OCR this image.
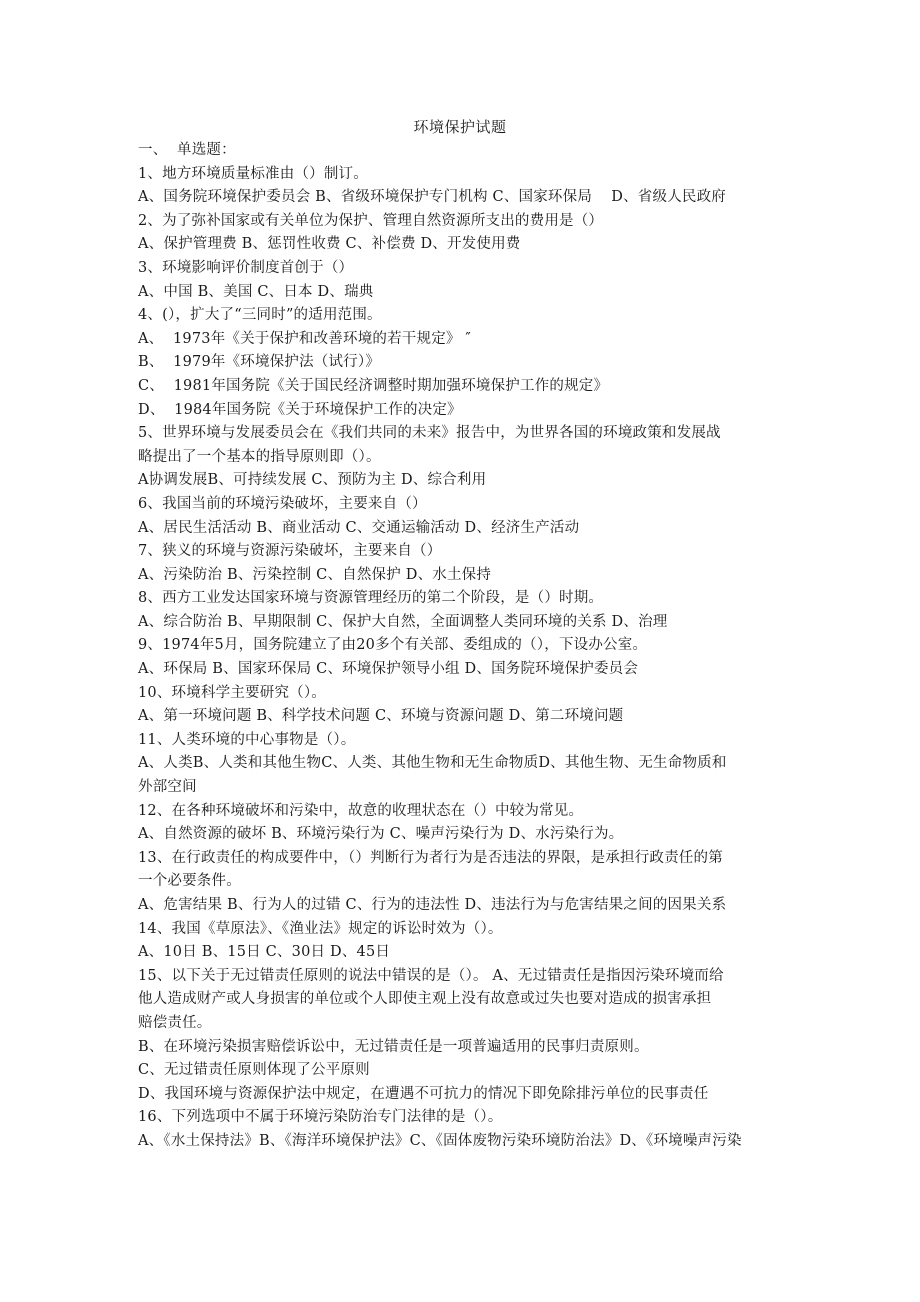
环境保护试题
一、  单选题：
1、地方环境质量标准由（）制订。
A、国务院环境保护委员会 B、省级环境保护专门机构 C、国家环保局    D、省级人民政府
2、为了弥补国家或有关单位为保护、管理自然资源所支出的费用是（）
A、保护管理费 B、惩罚性收费 C、补偿费 D、开发使用费
3、环境影响评价制度首创于（）
A、中国 B、美国 C、日本 D、瑞典
4、(），扩大了“三同时”的适用范围。
A、  1973年《关于保护和改善环境的若干规定》 ″
B、  1979年《环境保护法（试行）》
C、  1981年国务院《关于国民经济调整时期加强环境保护工作的规定》
D、  1984年国务院《关于环境保护工作的决定》
5、世界环境与发展委员会在《我们共同的未来》报告中，为世界各国的环境政策和发展战
略提出了一个基本的指导原则即（）。
A协调发展B、可持续发展 C、预防为主 D、综合利用
6、我国当前的环境污染破坏，主要来自（）
A、居民生活活动 B、商业活动 C、交通运输活动 D、经济生产活动
7、狭义的环境与资源污染破坏，主要来自（）
A、污染防治 B、污染控制 C、自然保护 D、水土保持
8、西方工业发达国家环境与资源管理经历的第二个阶段，是（）时期。
A、综合防治 B、早期限制 C、保护大自然，全面调整人类同环境的关系 D、治理
9、1974年5月，国务院建立了由20多个有关部、委组成的（），下设办公室。
A、环保局 B、国家环保局 C、环境保护领导小组 D、国务院环境保护委员会
10、环境科学主要研究（）。
A、第一环境问题 B、科学技术问题 C、环境与资源问题 D、第二环境问题
11、人类环境的中心事物是（）。
A、人类B、人类和其他生物C、人类、其他生物和无生命物质D、其他生物、无生命物质和
外部空间
12、在各种环境破坏和污染中，故意的收理状态在（）中较为常见。
A、自然资源的破坏 B、环境污染行为 C、噪声污染行为 D、水污染行为。
13、在行政责任的构成要件中，（）判断行为者行为是否违法的界限，是承担行政责任的第
一个必要条件。
A、危害结果 B、行为人的过错 C、行为的违法性 D、违法行为与危害结果之间的因果关系
14、我国《草原法》、《渔业法》规定的诉讼时效为（）。
A、10日 B、15日 C、30日 D、45日
15、以下关于无过错责任原则的说法中错误的是（）。 A、无过错责任是指因污染环境而给
他人造成财产或人身损害的单位或个人即使主观上没有故意或过失也要对造成的损害承担
赔偿责任。
B、在环境污染损害赔偿诉讼中，无过错责任是一项普遍适用的民事归责原则。
C、无过错责任原则体现了公平原则
D、我国环境与资源保护法中规定，在遭遇不可抗力的情况下即免除排污单位的民事责任
16、下列选项中不属于环境污染防治专门法律的是（）。
A、《水土保持法》B、《海洋环境保护法》C、《固体废物污染环境防治法》D、《环境噪声污染
